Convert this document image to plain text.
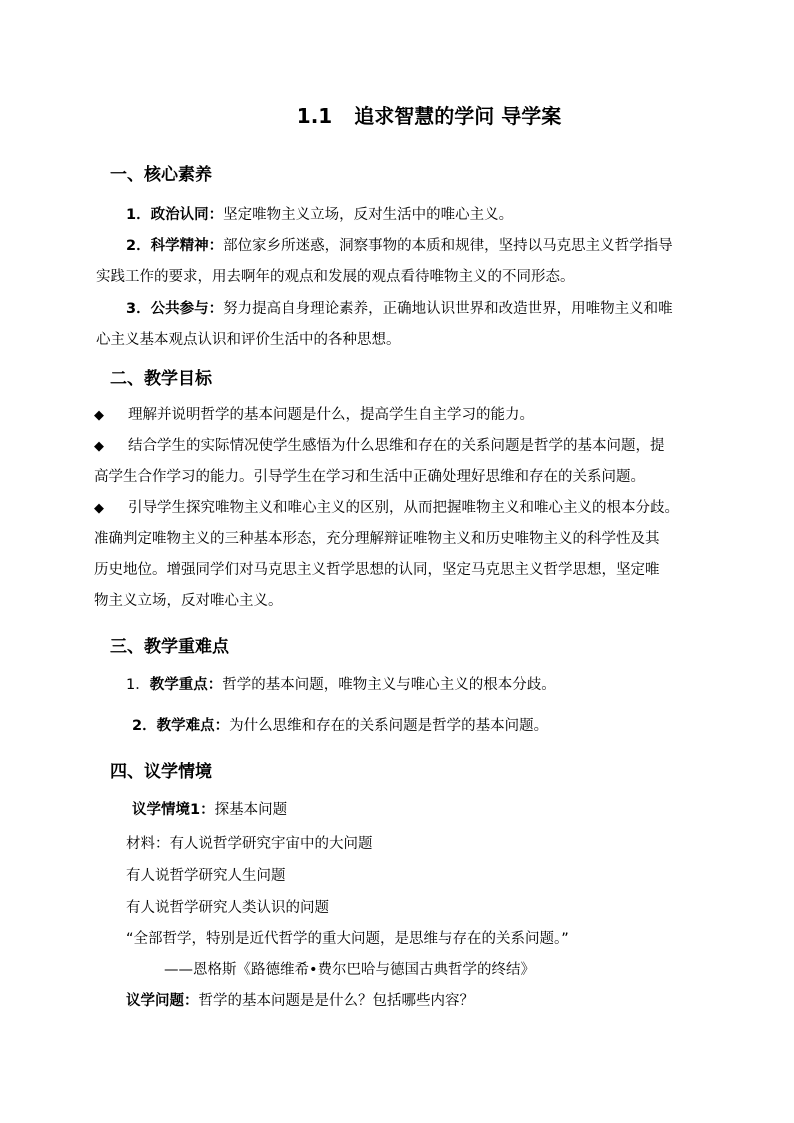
1.1 追求智慧的学问 导学案
一、核心素养

1．政治认同：坚定唯物主义立场，反对生活中的唯心主义。

2．科学精神：部位家乡所迷惑，洞察事物的本质和规律，坚持以马克思主义哲学指导

实践工作的要求，用去啊年的观点和发展的观点看待唯物主义的不同形态。

3．公共参与：努力提高自身理论素养，正确地认识世界和改造世界，用唯物主义和唯

心主义基本观点认识和评价生活中的各种思想。

二、教学目标

◆ 理解并说明哲学的基本问题是什么，提高学生自主学习的能力。

◆ 结合学生的实际情况使学生感悟为什么思维和存在的关系问题是哲学的基本问题，提

高学生合作学习的能力。引导学生在学习和生活中正确处理好思维和存在的关系问题。

◆ 引导学生探究唯物主义和唯心主义的区别，从而把握唯物主义和唯心主义的根本分歧。

准确判定唯物主义的三种基本形态，充分理解辩证唯物主义和历史唯物主义的科学性及其

历史地位。增强同学们对马克思主义哲学思想的认同，坚定马克思主义哲学思想，坚定唯

物主义立场，反对唯心主义。

三、教学重难点

1．教学重点：哲学的基本问题，唯物主义与唯心主义的根本分歧。

2．教学难点：为什么思维和存在的关系问题是哲学的基本问题。

四、议学情境

议学情境1：探基本问题

材料：有人说哲学研究宇宙中的大问题

有人说哲学研究人生问题

有人说哲学研究人类认识的问题

“全部哲学，特别是近代哲学的重大问题，是思维与存在的关系问题。”

——恩格斯《路德维希•费尔巴哈与德国古典哲学的终结》

议学问题：哲学的基本问题是是什么？包括哪些内容？
